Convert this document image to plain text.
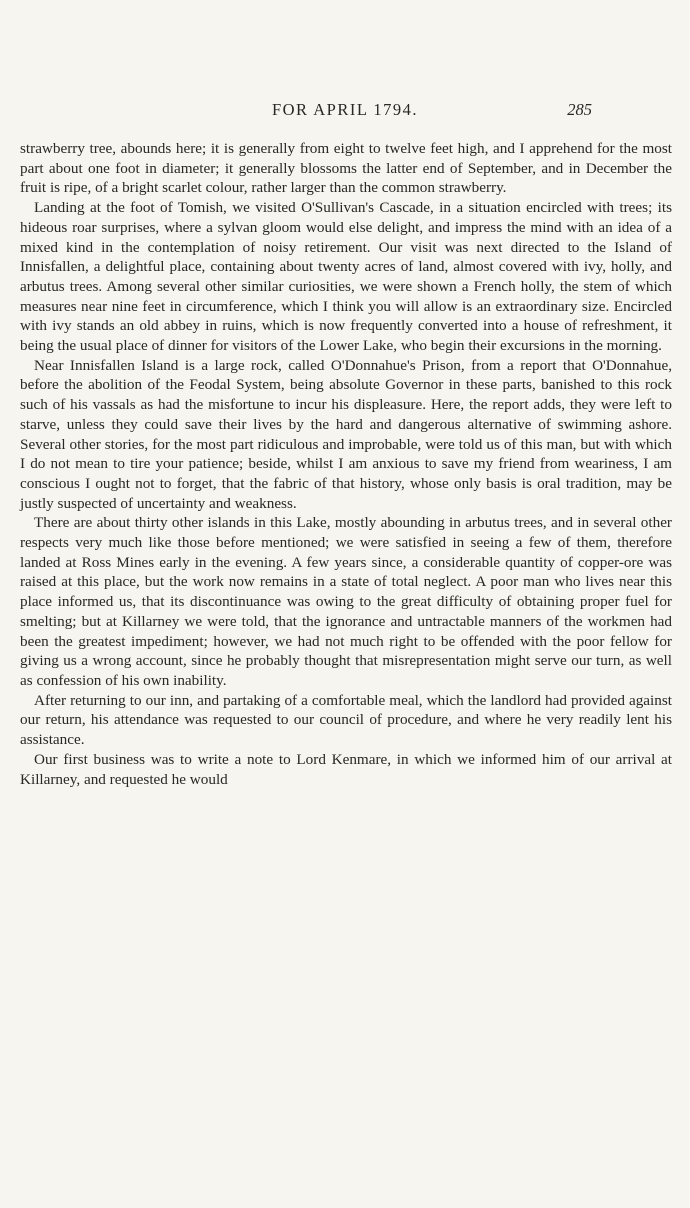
FOR APRIL 1794.	285

strawberry tree, abounds here; it is generally from eight to twelve feet high, and I apprehend for the most part about one foot in diameter; it generally blossoms the latter end of September, and in December the fruit is ripe, of a bright scarlet colour, rather larger than the common strawberry.

Landing at the foot of Tomish, we visited O'Sullivan's Cascade, in a situation encircled with trees; its hideous roar surprises, where a sylvan gloom would else delight, and impress the mind with an idea of a mixed kind in the contemplation of noisy retirement. Our visit was next directed to the Island of Innisfallen, a delightful place, containing about twenty acres of land, almost covered with ivy, holly, and arbutus trees. Among several other similar curiosities, we were shown a French holly, the stem of which measures near nine feet in circumference, which I think you will allow is an extraordinary size. Encircled with ivy stands an old abbey in ruins, which is now frequently converted into a house of refreshment, it being the usual place of dinner for visitors of the Lower Lake, who begin their excursions in the morning.

Near Innisfallen Island is a large rock, called O'Donnahue's Prison, from a report that O'Donnahue, before the abolition of the Feodal System, being absolute Governor in these parts, banished to this rock such of his vassals as had the misfortune to incur his displeasure. Here, the report adds, they were left to starve, unless they could save their lives by the hard and dangerous alternative of swimming ashore. Several other stories, for the most part ridiculous and improbable, were told us of this man, but with which I do not mean to tire your patience; beside, whilst I am anxious to save my friend from weariness, I am conscious I ought not to forget, that the fabric of that history, whose only basis is oral tradition, may be justly suspected of uncertainty and weakness.

There are about thirty other islands in this Lake, mostly abounding in arbutus trees, and in several other respects very much like those before mentioned; we were satisfied in seeing a few of them, therefore landed at Ross Mines early in the evening. A few years since, a considerable quantity of copper-ore was raised at this place, but the work now remains in a state of total neglect. A poor man who lives near this place informed us, that its discontinuance was owing to the great difficulty of obtaining proper fuel for smelting; but at Killarney we were told, that the ignorance and untractable manners of the workmen had been the greatest impediment; however, we had not much right to be offended with the poor fellow for giving us a wrong account, since he probably thought that misrepresentation might serve our turn, as well as confession of his own inability.

After returning to our inn, and partaking of a comfortable meal, which the landlord had provided against our return, his attendance was requested to our council of procedure, and where he very readily lent his assistance.

Our first business was to write a note to Lord Kenmare, in which we informed him of our arrival at Killarney, and requested he would
